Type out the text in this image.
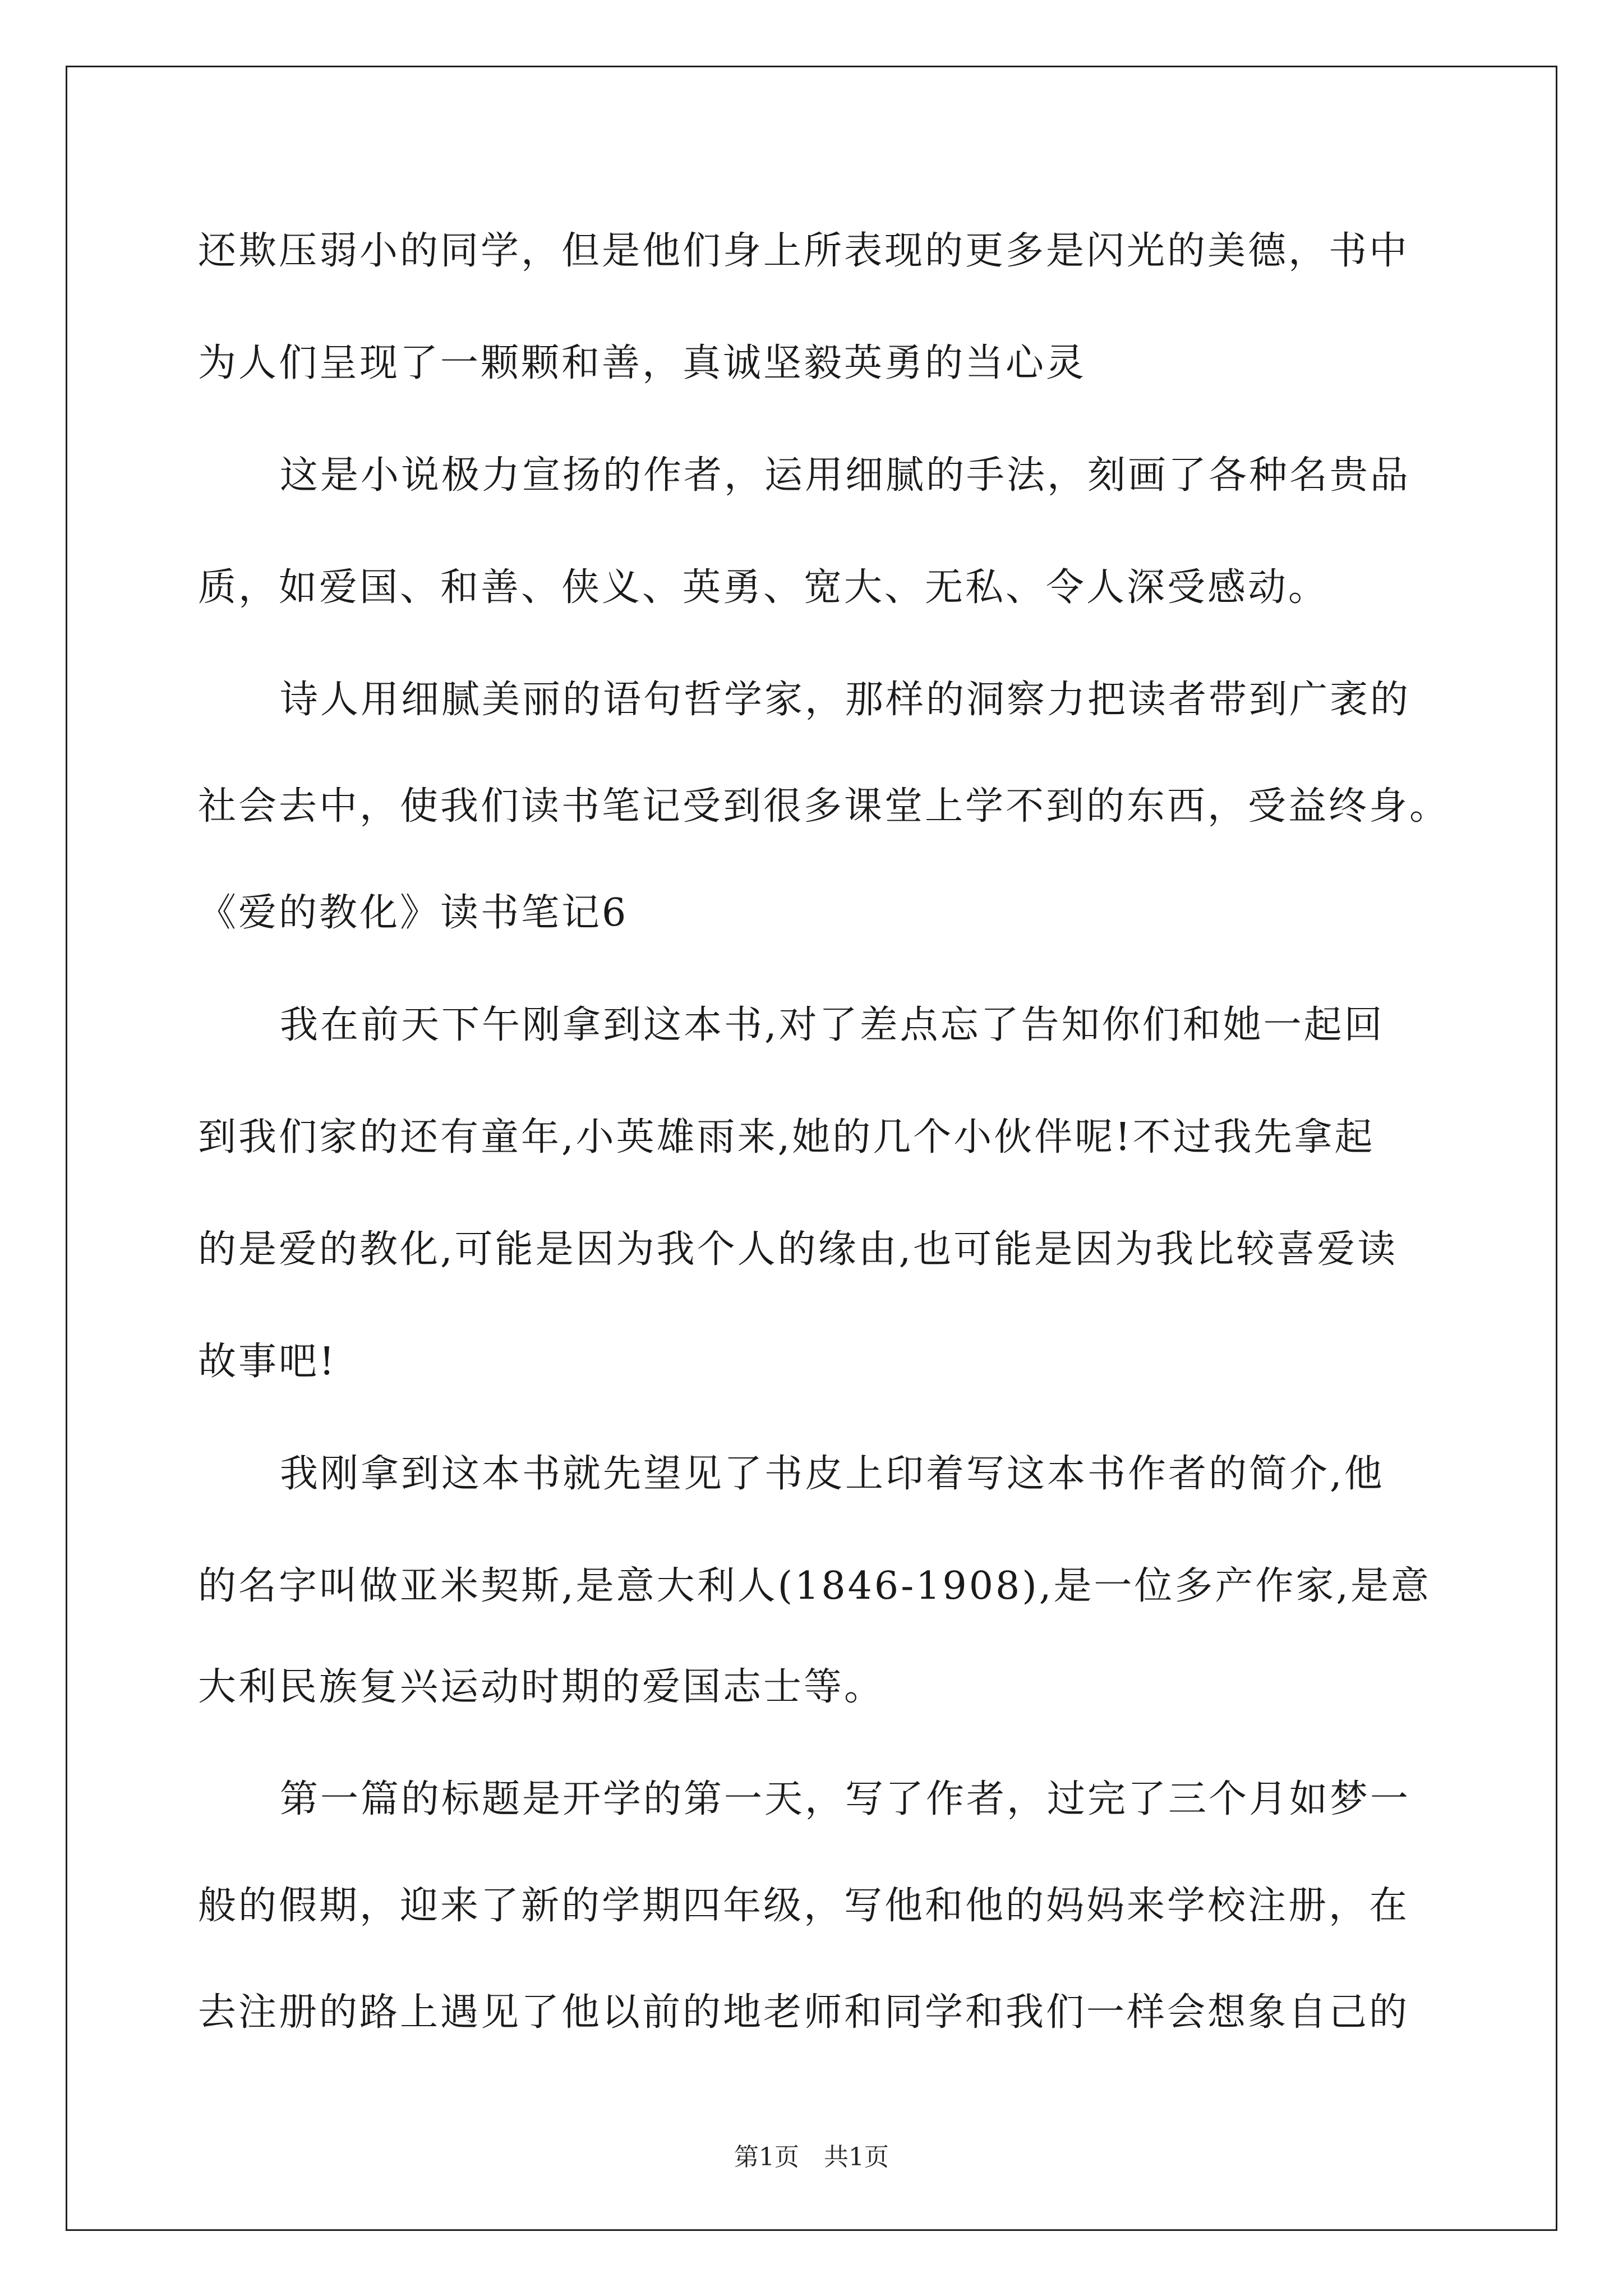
还欺压弱小的同学，但是他们身上所表现的更多是闪光的美德，书中
为人们呈现了一颗颗和善，真诚坚毅英勇的当心灵
这是小说极力宣扬的作者，运用细腻的手法，刻画了各种名贵品
质，如爱国、和善、侠义、英勇、宽大、无私、令人深受感动。
诗人用细腻美丽的语句哲学家，那样的洞察力把读者带到广袤的
社会去中，使我们读书笔记受到很多课堂上学不到的东西，受益终身。
《爱的教化》读书笔记6
我在前天下午刚拿到这本书,对了差点忘了告知你们和她一起回
到我们家的还有童年,小英雄雨来,她的几个小伙伴呢!不过我先拿起
的是爱的教化,可能是因为我个人的缘由,也可能是因为我比较喜爱读
故事吧!
我刚拿到这本书就先望见了书皮上印着写这本书作者的简介,他
的名字叫做亚米契斯,是意大利人(1846-1908),是一位多产作家,是意
大利民族复兴运动时期的爱国志士等。
第一篇的标题是开学的第一天，写了作者，过完了三个月如梦一
般的假期，迎来了新的学期四年级，写他和他的妈妈来学校注册，在
去注册的路上遇见了他以前的地老师和同学和我们一样会想象自己的
第1页　共1页
